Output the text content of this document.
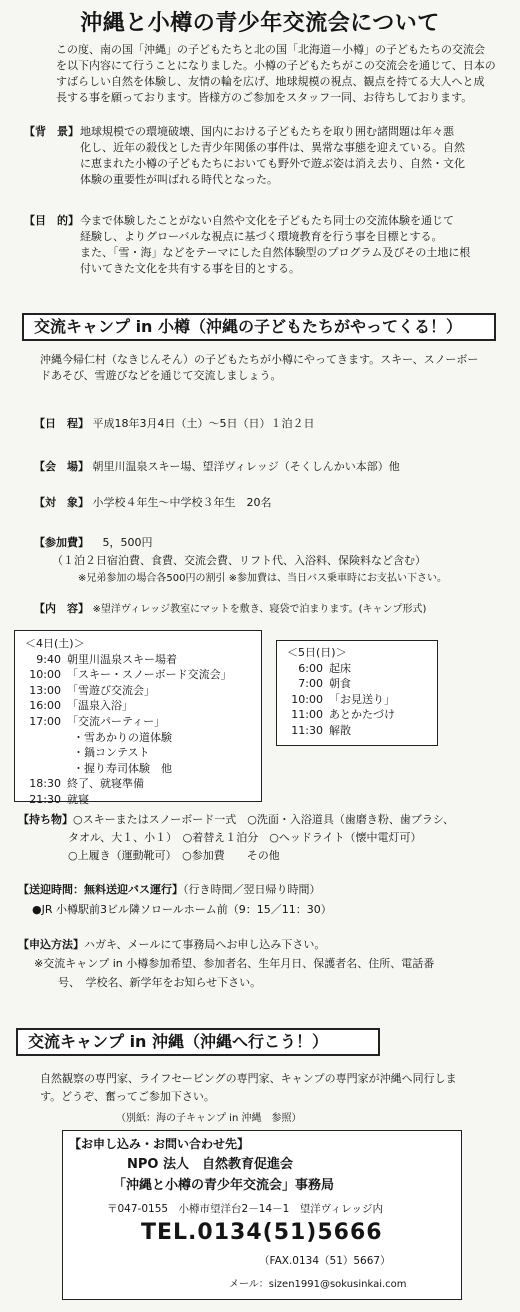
沖縄と小樽の青少年交流会について
この度、南の国「沖縄」の子どもたちと北の国「北海道－小樽」の子どもたちの交流会
を以下内容にて行うことになりました。小樽の子どもたちがこの交流会を通じて、日本の
すばらしい自然を体験し、友情の輪を広げ、地球規模の視点、観点を持てる大人へと成
長する事を願っております。皆様方のご参加をスタッフ一同、お待ちしております。
【背　景】 地球規模での環境破壊、国内における子どもたちを取り囲む諸問題は年々悪
化し、近年の殺伐とした青少年関係の事件は、異常な事態を迎えている。自然
に恵まれた小樽の子どもたちにおいても野外で遊ぶ姿は消え去り、自然・文化
体験の重要性が叫ばれる時代となった。
【目　的】 今まで体験したことがない自然や文化を子どもたち同士の交流体験を通じて
経験し、よりグローバルな視点に基づく環境教育を行う事を目標とする。
また、「雪・海」などをテーマにした自然体験型のプログラム及びその土地に根
付いてきた文化を共有する事を目的とする。
交流キャンプ in 小樽（沖縄の子どもたちがやってくる！）
沖縄今帰仁村（なきじんそん）の子どもたちが小樽にやってきます。スキー、スノーボー
ドあそび、雪遊びなどを通じて交流しましょう。
【日　程】 平成18年3月4日（土）～5日（日）１泊２日
【会　場】 朝里川温泉スキー場、望洋ヴィレッジ（そくしんかい本部）他
【対　象】 小学校４年生～中学校３年生　20名
【参加費】 5，500円
（１泊２日宿泊費、食費、交流会費、リフト代、入浴料、保険料など含む）
※兄弟参加の場合各500円の割引 ※参加費は、当日バス乗車時にお支払い下さい。
【内　容】 ※望洋ヴィレッジ教室にマットを敷き、寝袋で泊まります。(キャンプ形式)
＜4日(土)＞
9:40 朝里川温泉スキー場着
10:00 「スキー・スノーボード交流会」
13:00 「雪遊び交流会」
16:00 「温泉入浴」
17:00 「交流パーティー」
・雪あかりの道体験
・鍋コンテスト
・握り寿司体験　他
18:30 終了、就寝準備
21:30 就寝
＜5日(日)＞
6:00 起床
7:00 朝食
10:00 「お見送り」
11:00 あとかたづけ
11:30 解散
【持ち物】○スキーまたはスノーボード一式　○洗面・入浴道具（歯磨き粉、歯ブラシ、
タオル、大１、小１）　○着替え１泊分　○ヘッドライト（懐中電灯可）
○上履き（運動靴可）　○参加費　　その他
【送迎時間：無料送迎バス運行】（行き時間／翌日帰り時間）
●JR 小樽駅前3ビル隣ソロールホーム前（9：15／11：30）
【申込方法】ハガキ、メールにて事務局へお申し込み下さい。
※交流キャンプ in 小樽参加希望、参加者名、生年月日、保護者名、住所、電話番
号、　学校名、新学年をお知らせ下さい。
交流キャンプ in 沖縄（沖縄へ行こう！）
自然観察の専門家、ライフセービングの専門家、キャンプの専門家が沖縄へ同行しま
す。どうぞ、奮ってご参加下さい。
（別紙：海の子キャンプ in 沖縄　参照）
【お申し込み・お問い合わせ先】
NPO 法人　自然教育促進会
「沖縄と小樽の青少年交流会」事務局
〒047-0155　小樽市望洋台2－14－1　望洋ヴィレッジ内
TEL.0134(51)5666
（FAX.0134（51）5667）
メール：sizen1991@sokusinkai.com
